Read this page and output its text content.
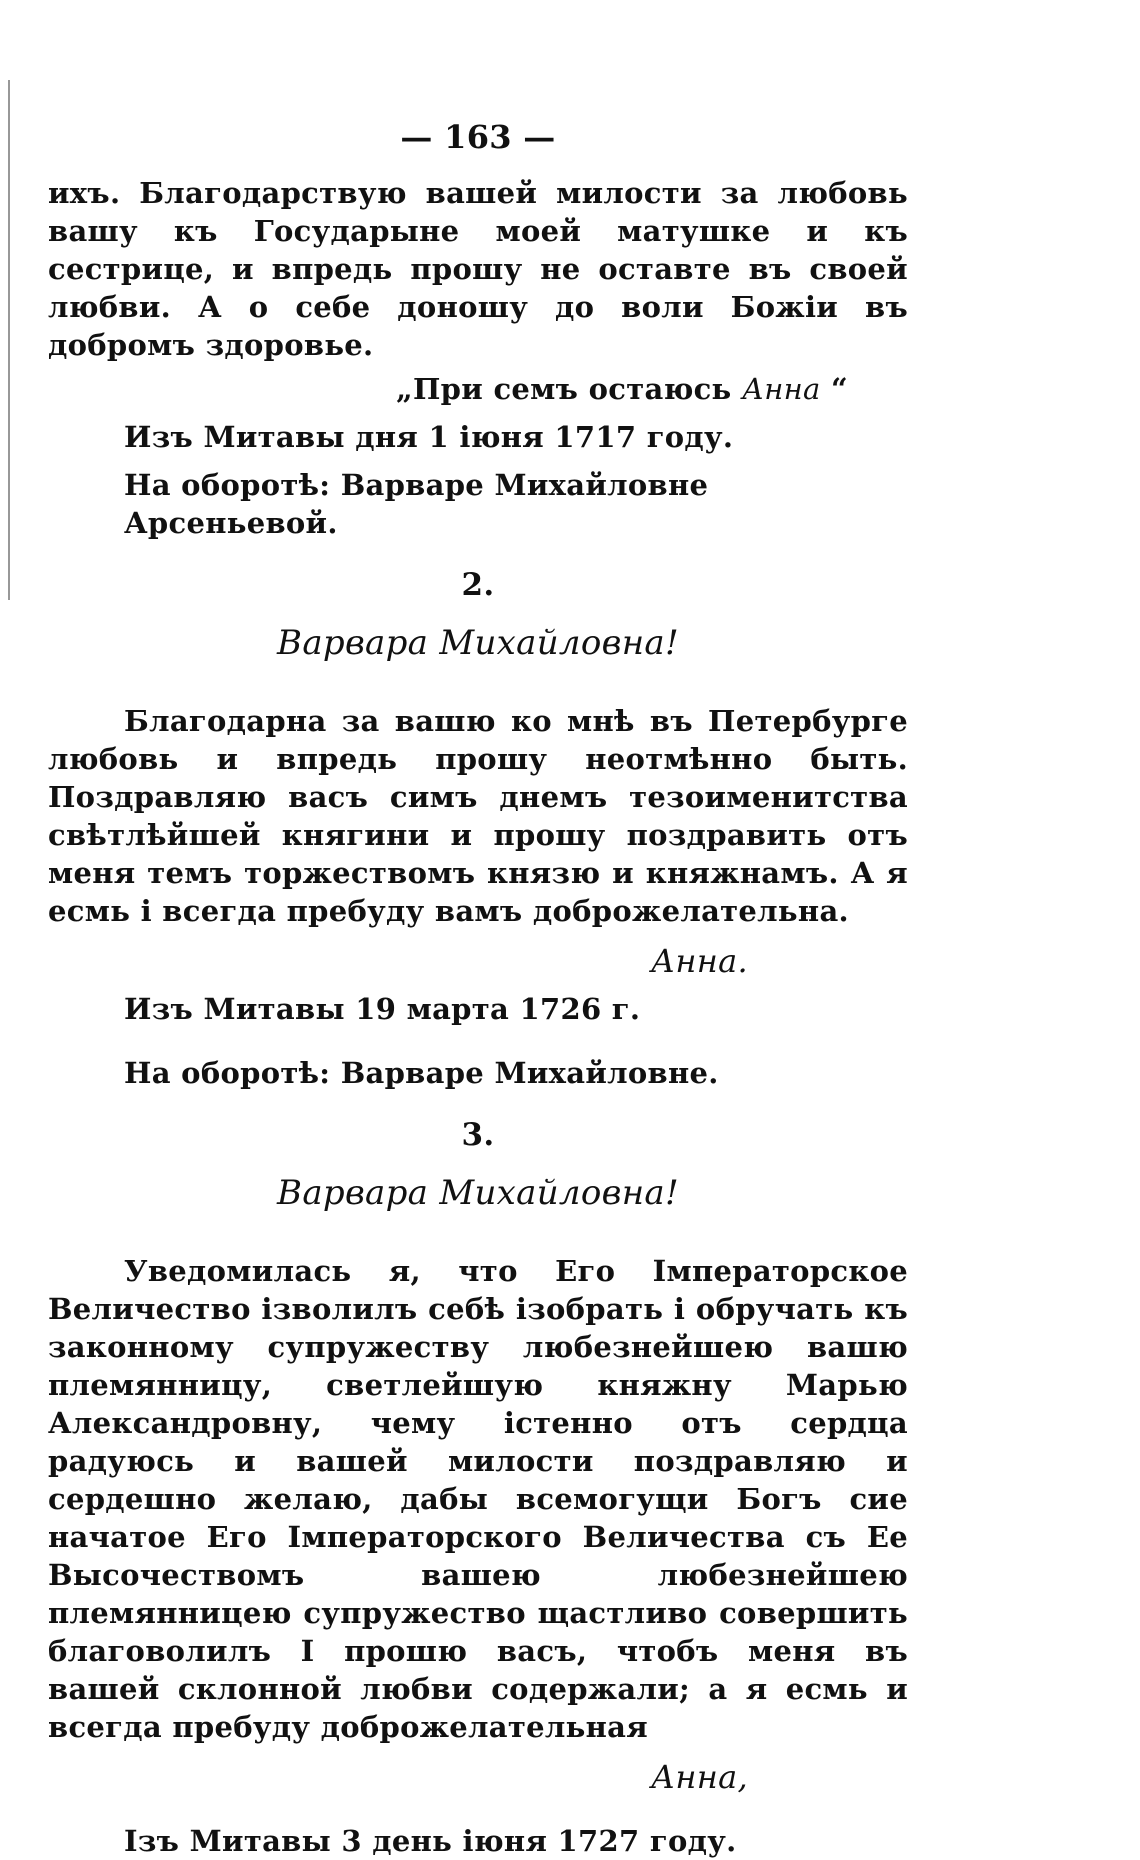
— 163 —

ихъ. Благодарствую вашей милости за любовь вашу къ Государыне моей матушке и къ сестрице, и впредь прошу не оставте въ своей любви. А о себе доношу до воли Божіи въ добромъ здоровье.

„При семъ остаюсь Анна “
Изъ Митавы дня 1 іюня 1717 году.
На оборотѣ: Варваре Михайловне Арсеньевой.
2.
Варвара Михайловна!

Благодарна за вашю ко мнѣ въ Петербурге любовь и впредь прошу неотмѣнно быть. Поздравляю васъ симъ днемъ тезоименитства свѣтлѣйшей княгини и прошу поздравить отъ меня темъ торжествомъ князю и княжнамъ. А я есмь і всегда пребуду вамъ доброжелательна.

Анна.
Изъ Митавы 19 марта 1726 г.
На оборотѣ: Варваре Михайловне.
3.
Варвара Михайловна!

Уведомилась я, что Его Імператорское Величество ізволилъ себѣ ізобрать і обручать къ законному супружеству любезнейшею вашю племянницу, светлейшую княжну Марью Александровну, чему істенно отъ сердца радуюсь и вашей милости поздравляю и сердешно желаю, дабы всемогущи Богъ сие начатое Его Імператорского Величества съ Ее Высочествомъ вашею любезнейшею племянницею супружество щастливо совершить благоволилъ І прошю васъ, чтобъ меня въ вашей склонной любви содержали; а я есмь и всегда пребуду доброжелательная

Анна,
Ізъ Митавы 3 день іюня 1727 году.
